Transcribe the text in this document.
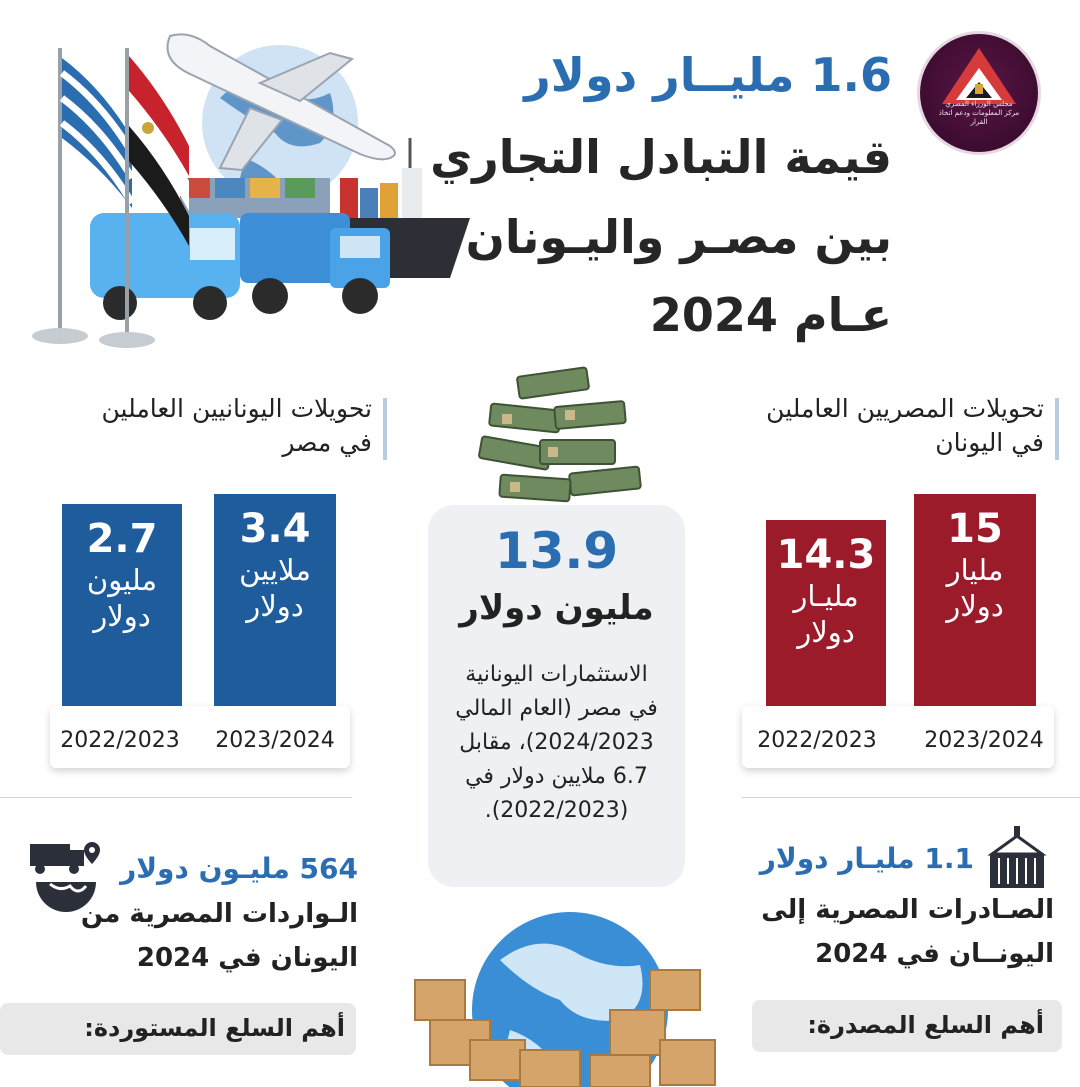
مجلس الوزراء المصري
مركز المعلومات ودعم اتخاذ القرار
1.6 مليــار دولار
قيمة التبادل التجاري
بين مصـر واليـونان
عـام 2024
تحويلات المصريين العاملين
في اليونان
15
مليار
دولار
14.3
مليـار
دولار
2023/2024
2022/2023
تحويلات اليونانيين العاملين
في مصر
3.4
ملايين
دولار
2.7
مليون
دولار
2023/2024
2022/2023
13.9
مليون دولار
الاستثمارات اليونانية
في مصر (العام المالي
2024/2023)، مقابل
6.7 ملايين دولار في
(2022/2023).
1.1 مليـار دولار
الصـادرات المصرية إلى
اليونــان في 2024
أهم السلع المصدرة:
564 مليـون دولار
الـواردات المصرية من
اليونان في 2024
أهم السلع المستوردة:
